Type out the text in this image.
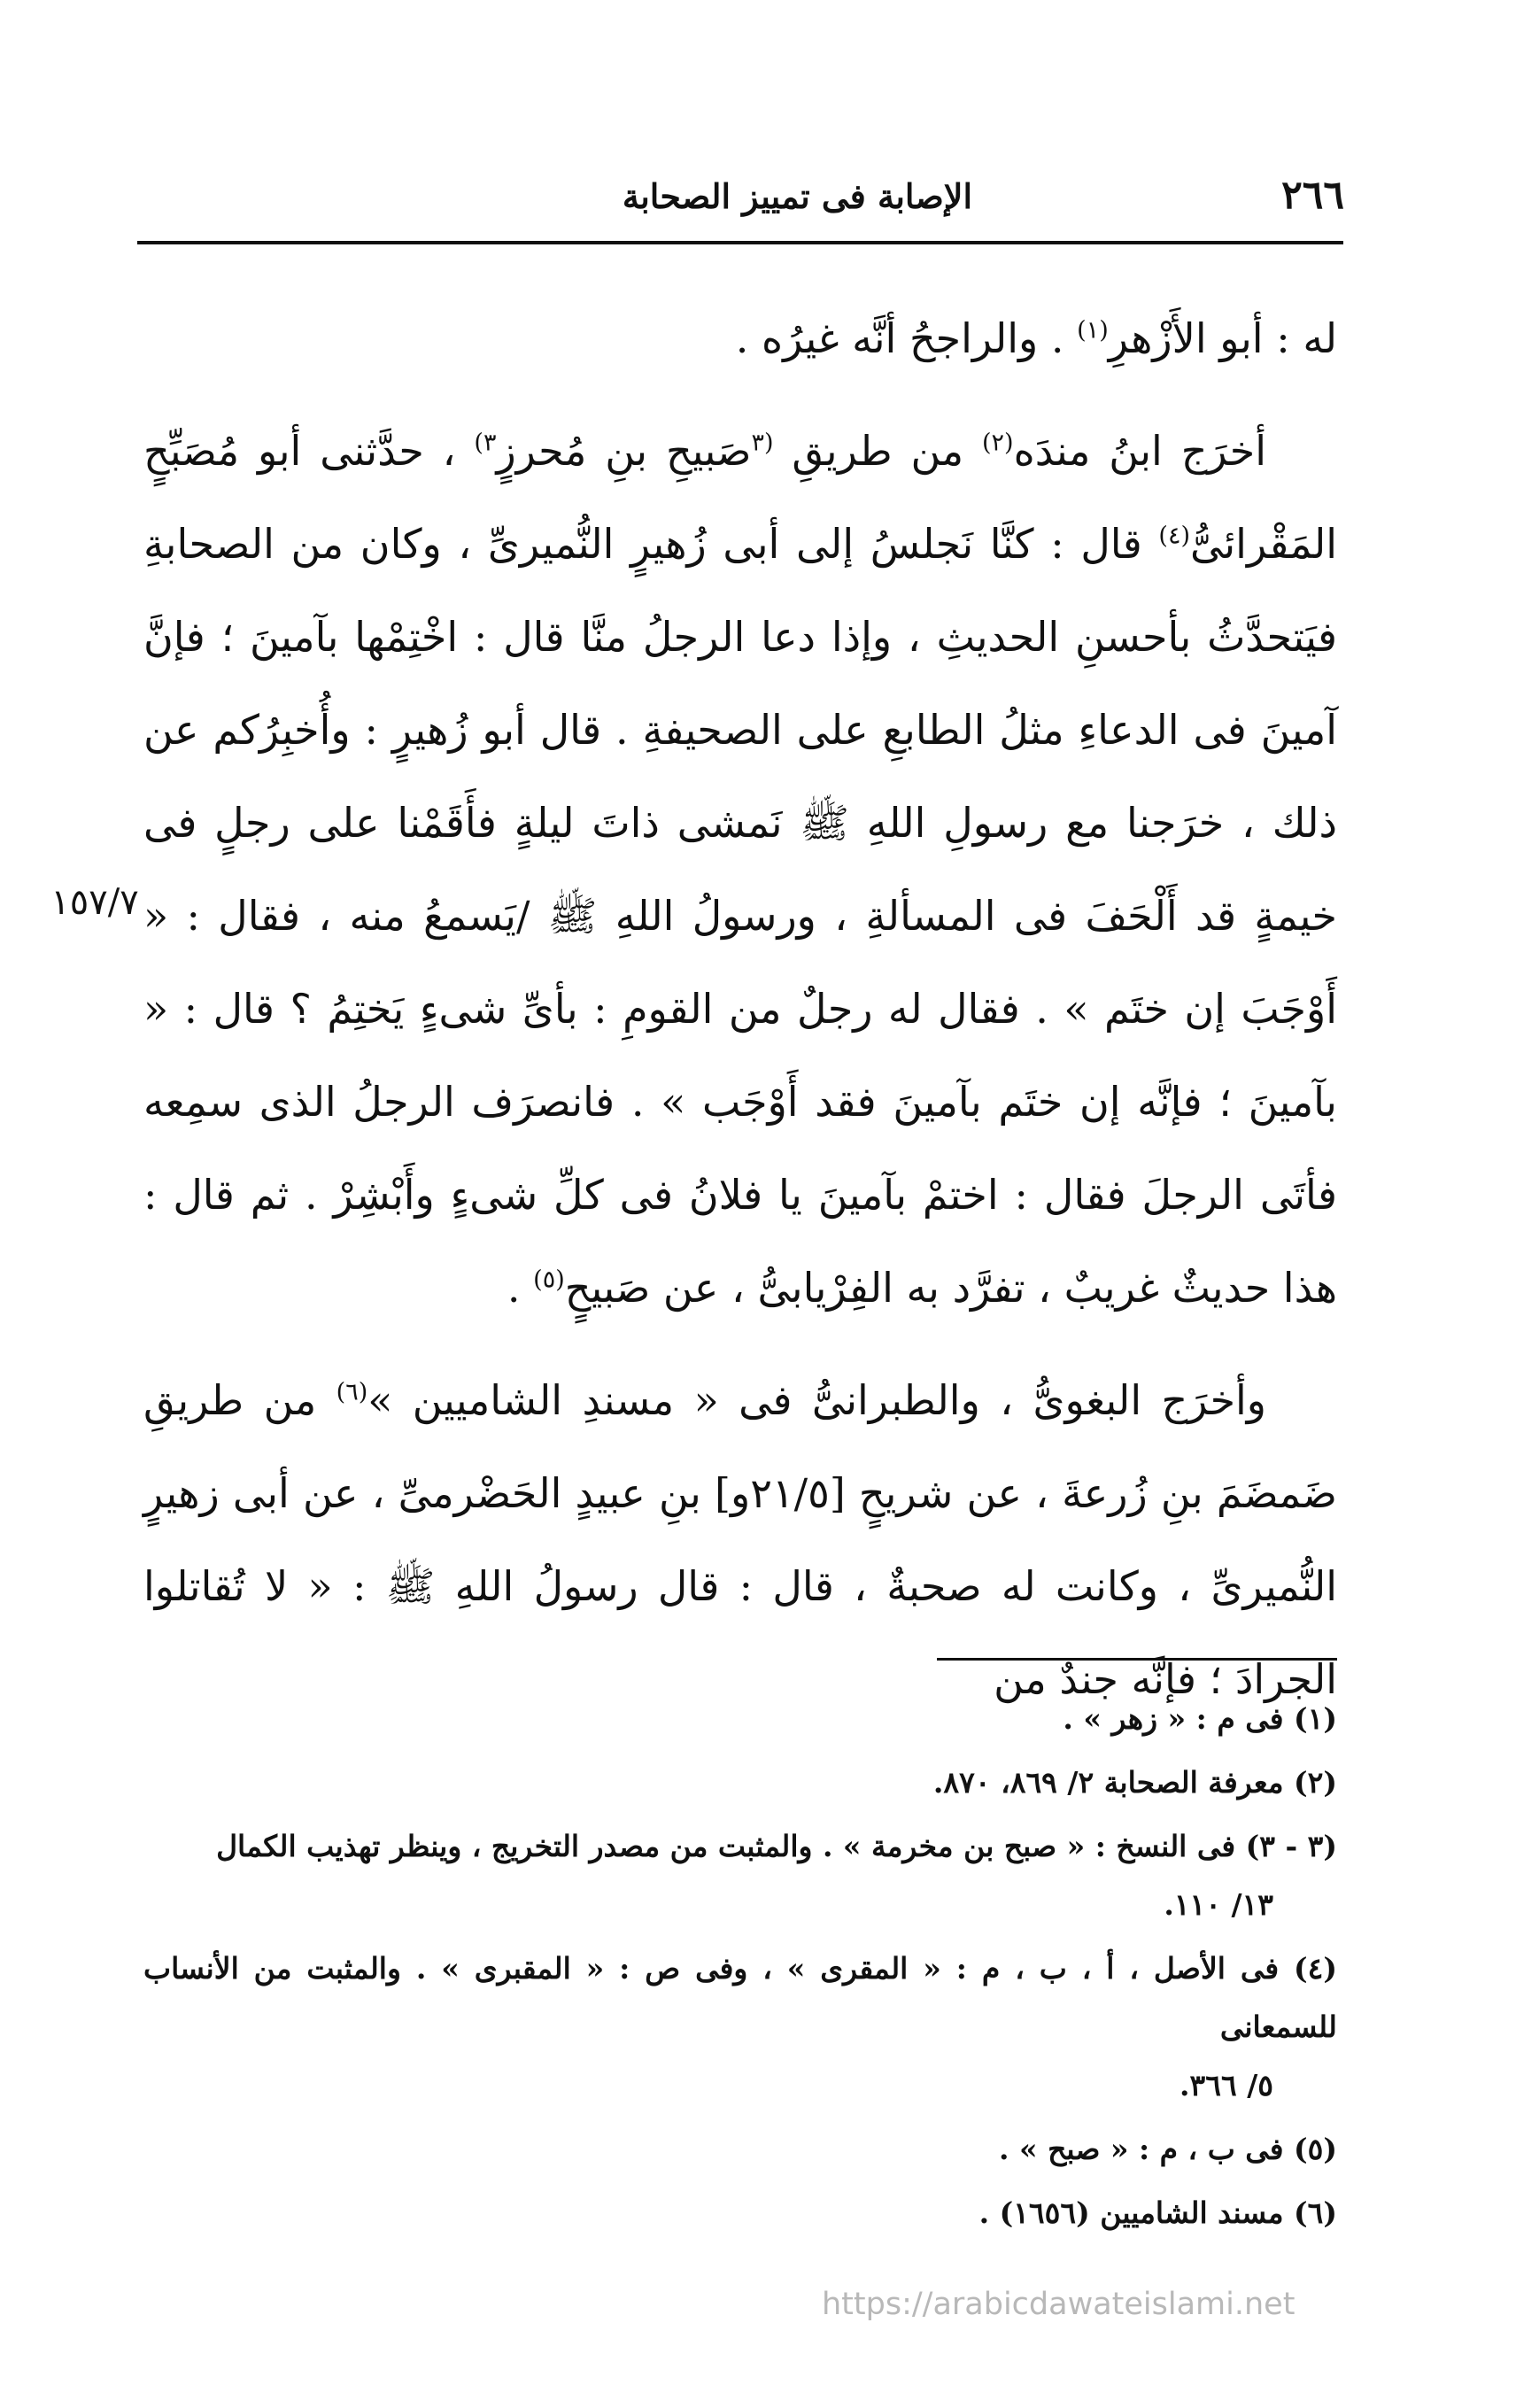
٢٦٦
الإصابة فى تمييز الصحابة
١٥٧/٧

له : أبو الأَزْهرِ$^{(١)}$ . والراجحُ أنَّه غيرُه .

أخرَج ابنُ مندَه$^{(٢)}$ من طريقِ $^{(٣}$صَبيحِ بنِ مُحرزٍ$^{٣)}$ ، حدَّثنى أبو مُصَبِّحٍ المَقْرائىُّ$^{(٤)}$ قال : كنَّا نَجلسُ إلى أبى زُهيرٍ النُّميرىِّ ، وكان من الصحابةِ فيَتحدَّثُ بأحسنِ الحديثِ ، وإذا دعا الرجلُ منَّا قال : اخْتِمْها بآمينَ ؛ فإنَّ آمينَ فى الدعاءِ مثلُ الطابعِ على الصحيفةِ . قال أبو زُهيرٍ : وأُخبِرُكم عن ذلك ، خرَجنا مع رسولِ اللهِ ﷺ نَمشى ذاتَ ليلةٍ فأَقَمْنا على رجلٍ فى خيمةٍ قد أَلْحَفَ فى المسألةِ ، ورسولُ اللهِ ﷺ /يَسمعُ منه ، فقال : « أَوْجَبَ إن ختَم » . فقال له رجلٌ من القومِ : بأىِّ شىءٍ يَختِمُ ؟ قال : « بآمينَ ؛ فإنَّه إن ختَم بآمينَ فقد أَوْجَب » . فانصرَف الرجلُ الذى سمِعه فأتَى الرجلَ فقال : اختمْ بآمينَ يا فلانُ فى كلِّ شىءٍ وأَبْشِرْ . ثم قال : هذا حديثٌ غريبٌ ، تفرَّد به الفِرْيابىُّ ، عن صَبيحٍ$^{(٥)}$ .

وأخرَج البغوىُّ ، والطبرانىُّ فى « مسندِ الشاميين »$^{(٦)}$ من طريقِ ضَمضَمَ بنِ زُرعةَ ، عن شريحٍ [٢١/٥و] بنِ عبيدٍ الحَضْرمىِّ ، عن أبى زهيرٍ النُّميرىِّ ، وكانت له صحبةٌ ، قال : قال رسولُ اللهِ ﷺ : « لا تُقاتلوا الجرادَ ؛ فإنَّه جندٌ من

(١) فى م : « زهر » .

(٢) معرفة الصحابة ٢/ ٨٦٩، ٨٧٠.

(٣ - ٣) فى النسخ : « صبح بن مخرمة » . والمثبت من مصدر التخريج ، وينظر تهذيب الكمال
١٣/ ١١٠.

(٤) فى الأصل ، أ ، ب ، م : « المقرى » ، وفى ص : « المقبرى » . والمثبت من الأنساب للسمعانى
٥/ ٣٦٦.

(٥) فى ب ، م : « صبح » .

(٦) مسند الشاميين (١٦٥٦) .

https://arabicdawateislami.net
